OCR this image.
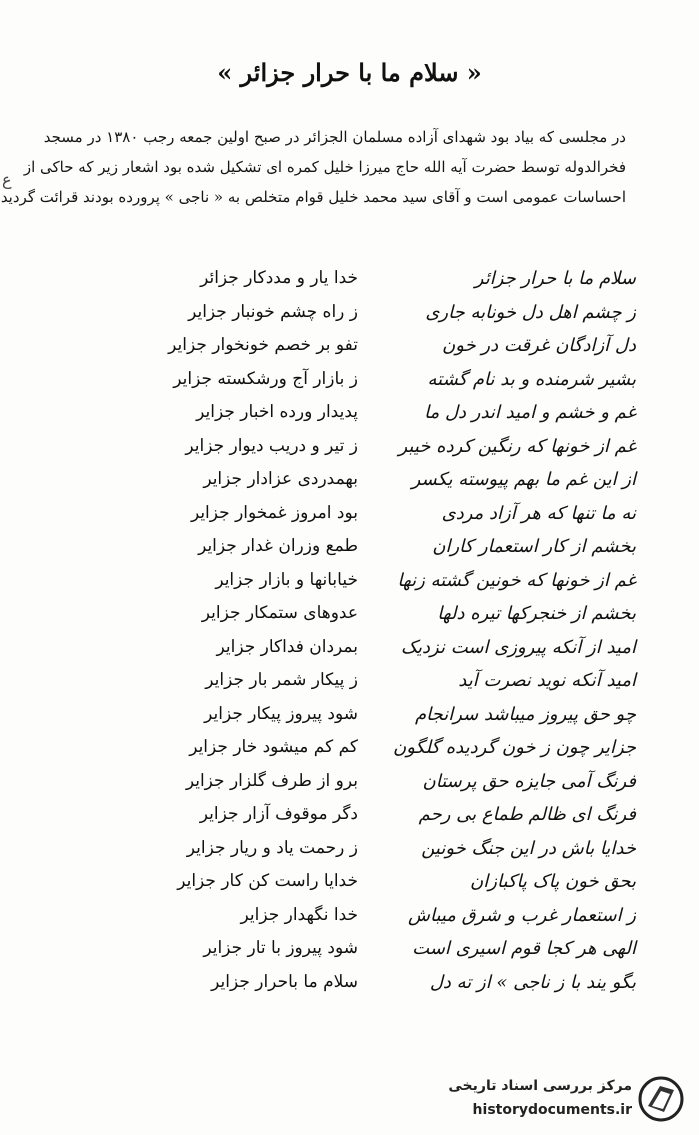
« سلام ما با حرار جزائر »
ع

در مجلسی که بیاد بود شهدای آزاده مسلمان الجزائر در صبح اولین جمعه رجب ۱۳۸۰ در مسجد

فخرالدوله توسط حضرت آیه الله حاج میرزا خلیل کمره ای تشکیل شده بود اشعار زیر که حاکی از

احساسات عمومی است و آقای سید محمد خلیل قوام متخلص به « ناجی » پرورده بودند قرائت گردید

سلام ما با حرار جزائر
ز چشم اهل دل خونابه جاری
دل آزادگان غرقت در خون
بشیر شرمنده و بد نام گشته
غم و خشم و امید اندر دل ما
غم از خونها که رنگین کرده خیبر
از این غم ما بهم پیوسته یکسر
نه ما تنها که هر آزاد مردی
بخشم از کار استعمار کاران
غم از خونها که خونین گشته زنها
بخشم از خنجرکها تیره دلها
امید از آنکه پیروزی است نزدیک
امید آنکه نوید نصرت آید
چو حق پیروز میباشد سرانجام
جزایر چون ز خون گردیده گلگون
فرنگ آمی جایزه حق پرستان
فرنگ ای ظالم طماع بی رحم
خدایا باش در این جنگ خونین
بحق خون پاک پاکبازان
ز استعمار غرب و شرق میباش
الهی هر کجا قوم اسیری است
بگو یند با ز ناجی » از ته دل
خدا یار و مددکار جزائر
ز راه چشم خونبار جزایر
تفو بر خصم خونخوار جزایر
ز بازار آج ورشکسته جزایر
پدیدار ورده اخبار جزایر
ز تیر و دریب دیوار جزایر
بهمدردی عزادار جزایر
بود امروز غمخوار جزایر
طمع وزران غدار جزایر
خیابانها و بازار جزایر
عدوهای ستمکار جزایر
بمردان فداکار جزایر
ز پیکار شمر بار جزایر
شود پیروز پیکار جزایر
کم کم میشود خار جزایر
برو از طرف گلزار جزایر
دگر موقوف آزار جزایر
ز رحمت یاد و ریار جزایر
خدایا راست کن کار جزایر
خدا نگهدار جزایر
شود پیروز با تار جزایر
سلام ما باحرار جزایر
مرکز بررسی اسناد تاریخی
historydocuments.ir
